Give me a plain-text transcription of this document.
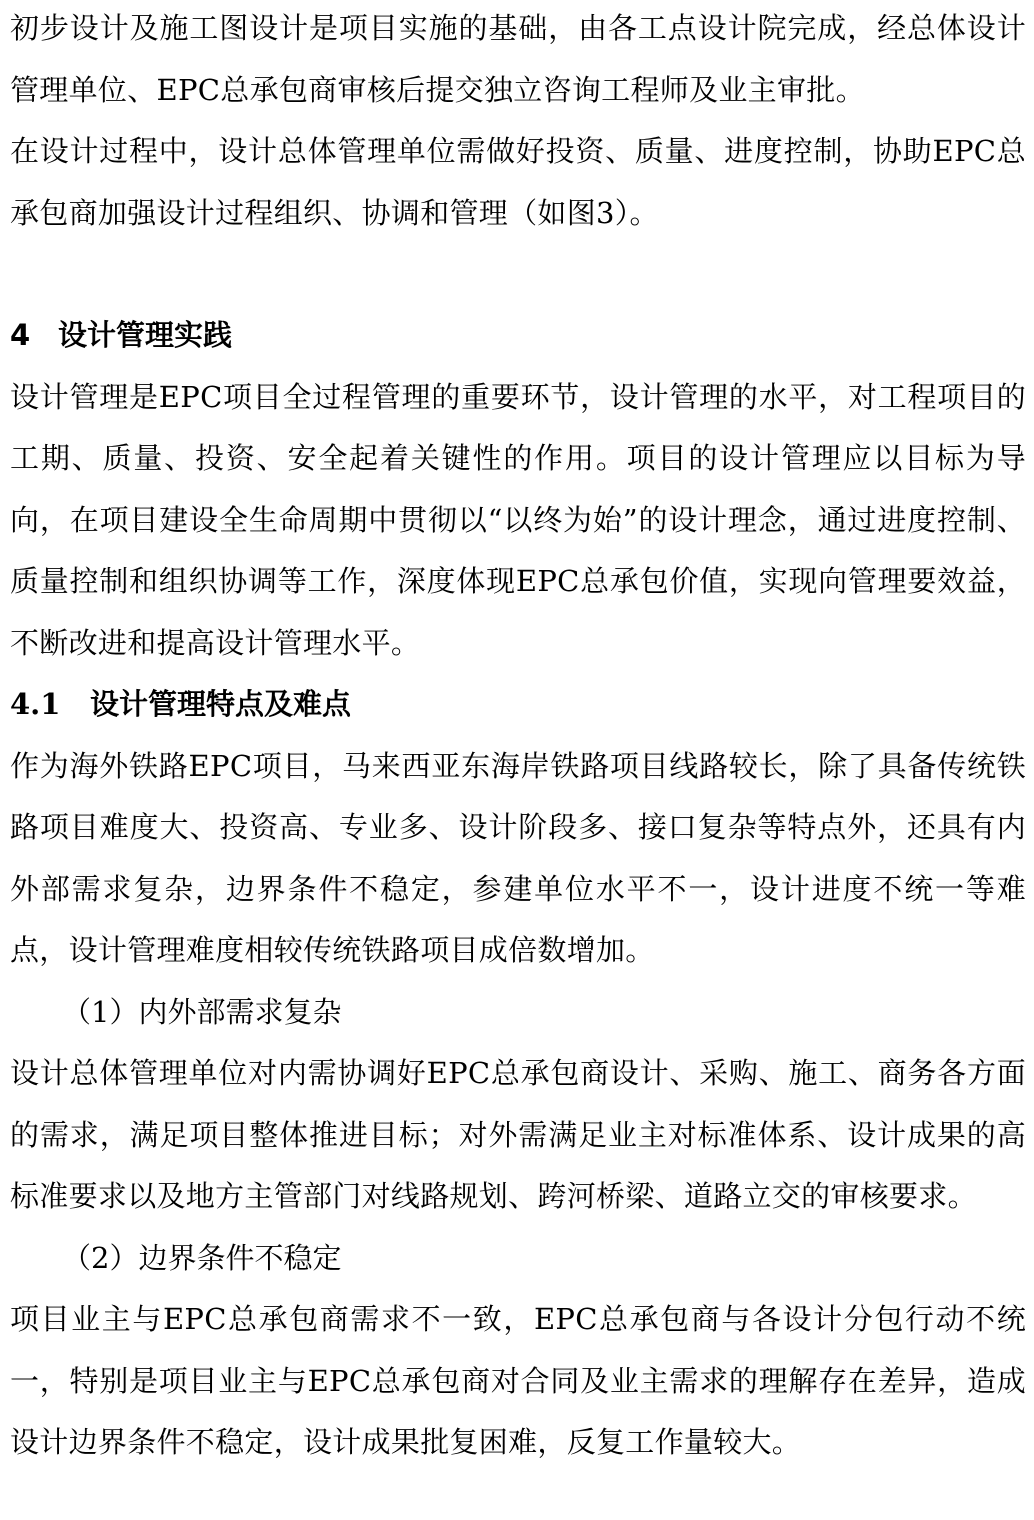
初步设计及施工图设计是项目实施的基础，由各工点设计院完成，经总体设计管理单位、EPC总承包商审核后提交独立咨询工程师及业主审批。

在设计过程中，设计总体管理单位需做好投资、质量、进度控制，协助EPC总承包商加强设计过程组织、协调和管理（如图3）。

4 设计管理实践

设计管理是EPC项目全过程管理的重要环节，设计管理的水平，对工程项目的工期、质量、投资、安全起着关键性的作用。项目的设计管理应以目标为导向，在项目建设全生命周期中贯彻以“以终为始”的设计理念，通过进度控制、质量控制和组织协调等工作，深度体现EPC总承包价值，实现向管理要效益，不断改进和提高设计管理水平。

4.1 设计管理特点及难点

作为海外铁路EPC项目，马来西亚东海岸铁路项目线路较长，除了具备传统铁路项目难度大、投资高、专业多、设计阶段多、接口复杂等特点外，还具有内外部需求复杂，边界条件不稳定，参建单位水平不一，设计进度不统一等难点，设计管理难度相较传统铁路项目成倍数增加。

（1）内外部需求复杂

设计总体管理单位对内需协调好EPC总承包商设计、采购、施工、商务各方面的需求，满足项目整体推进目标；对外需满足业主对标准体系、设计成果的高标准要求以及地方主管部门对线路规划、跨河桥梁、道路立交的审核要求。

（2）边界条件不稳定

项目业主与EPC总承包商需求不一致，EPC总承包商与各设计分包行动不统一，特别是项目业主与EPC总承包商对合同及业主需求的理解存在差异，造成设计边界条件不稳定，设计成果批复困难，反复工作量较大。
